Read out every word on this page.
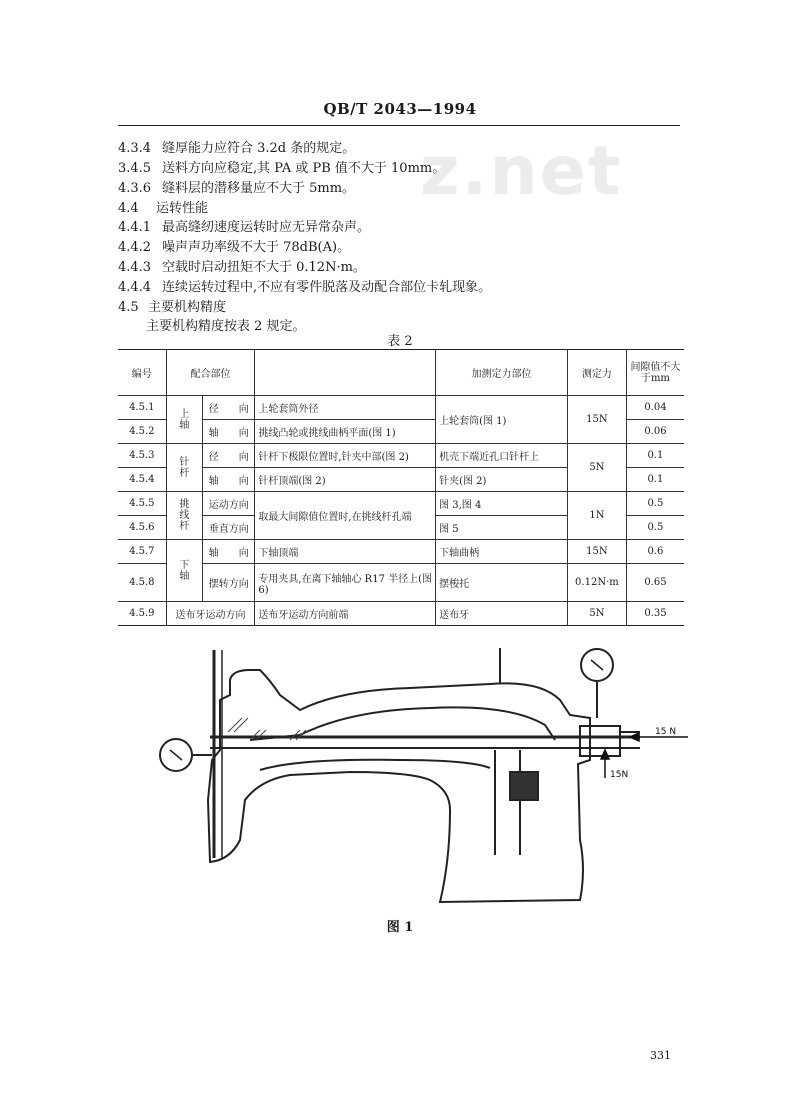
z.net
QB/T 2043—1994
4.3.4 缝厚能力应符合 3.2d 条的规定。
3.4.5 送料方向应稳定,其 PA 或 PB 值不大于 10mm。
4.3.6 缝料层的潜移量应不大于 5mm。
4.4 运转性能
4.4.1 最高缝纫速度运转时应无异常杂声。
4.4.2 噪声声功率级不大于 78dB(A)。
4.4.3 空载时启动扭矩不大于 0.12N·m。
4.4.4 连续运转过程中,不应有零件脱落及动配合部位卡轧现象。
4.5 主要机构精度
主要机构精度按表 2 规定。
表 2
编号	配合部位			加测定力部位	测定力	间隙值不大于mm
4.5.1	上轴	径　　向	上轮套筒外径	上轮套筒(图 1)	15N	0.04
4.5.2		轴　　向	挑线凸轮或挑线曲柄平面(图 1)			0.06
4.5.3	针杆	径　　向	针杆下极限位置时,针夹中部(图 2)	机壳下端近孔口针杆上	5N	0.1
4.5.4		轴　　向	针杆顶端(图 2)	针夹(图 2)		0.1
4.5.5	挑线杆	运动方向	取最大间隙值位置时,在挑线杆孔端	图 3,图 4	1N	0.5
4.5.6		垂直方向		图 5		0.5
4.5.7	下轴	轴　　向	下轴顶端	下轴曲柄	15N	0.6
4.5.8		摆转方向	专用夹具,在离下轴轴心 R17 半径上(图 6)	摆梭托	0.12N·m	0.65
4.5.9	送布牙运动方向		送布牙运动方向前端	送布牙	5N	0.35
15 N
15N
图 1
331
